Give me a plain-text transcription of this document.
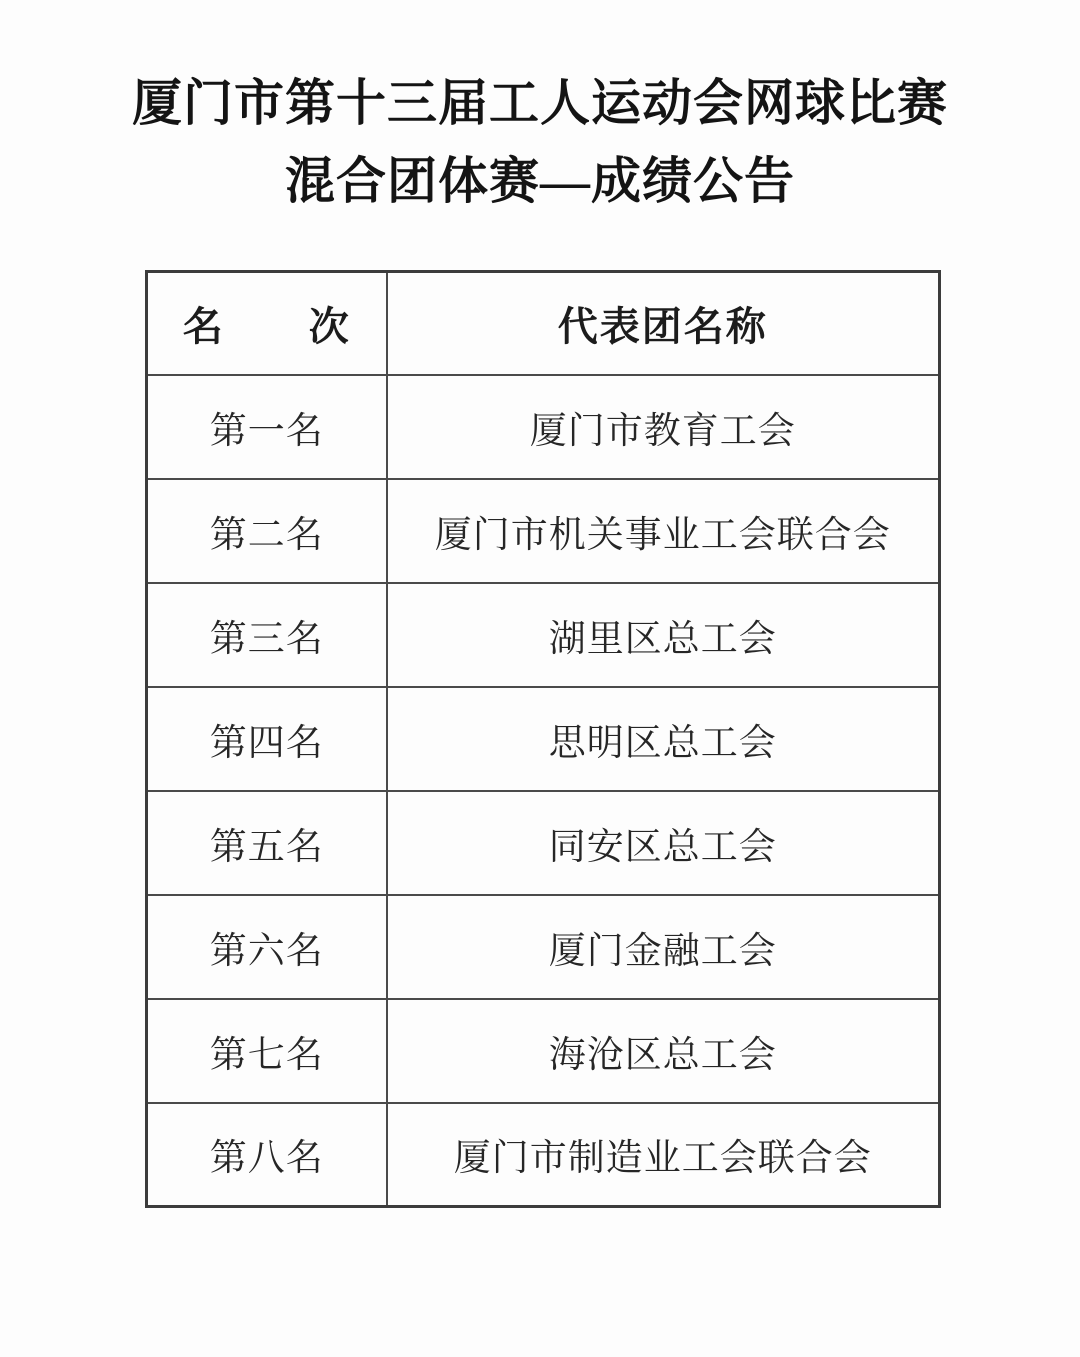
厦门市第十三届工人运动会网球比赛
混合团体赛—成绩公告
名　　次	代表团名称
第一名	厦门市教育工会
第二名	厦门市机关事业工会联合会
第三名	湖里区总工会
第四名	思明区总工会
第五名	同安区总工会
第六名	厦门金融工会
第七名	海沧区总工会
第八名	厦门市制造业工会联合会
